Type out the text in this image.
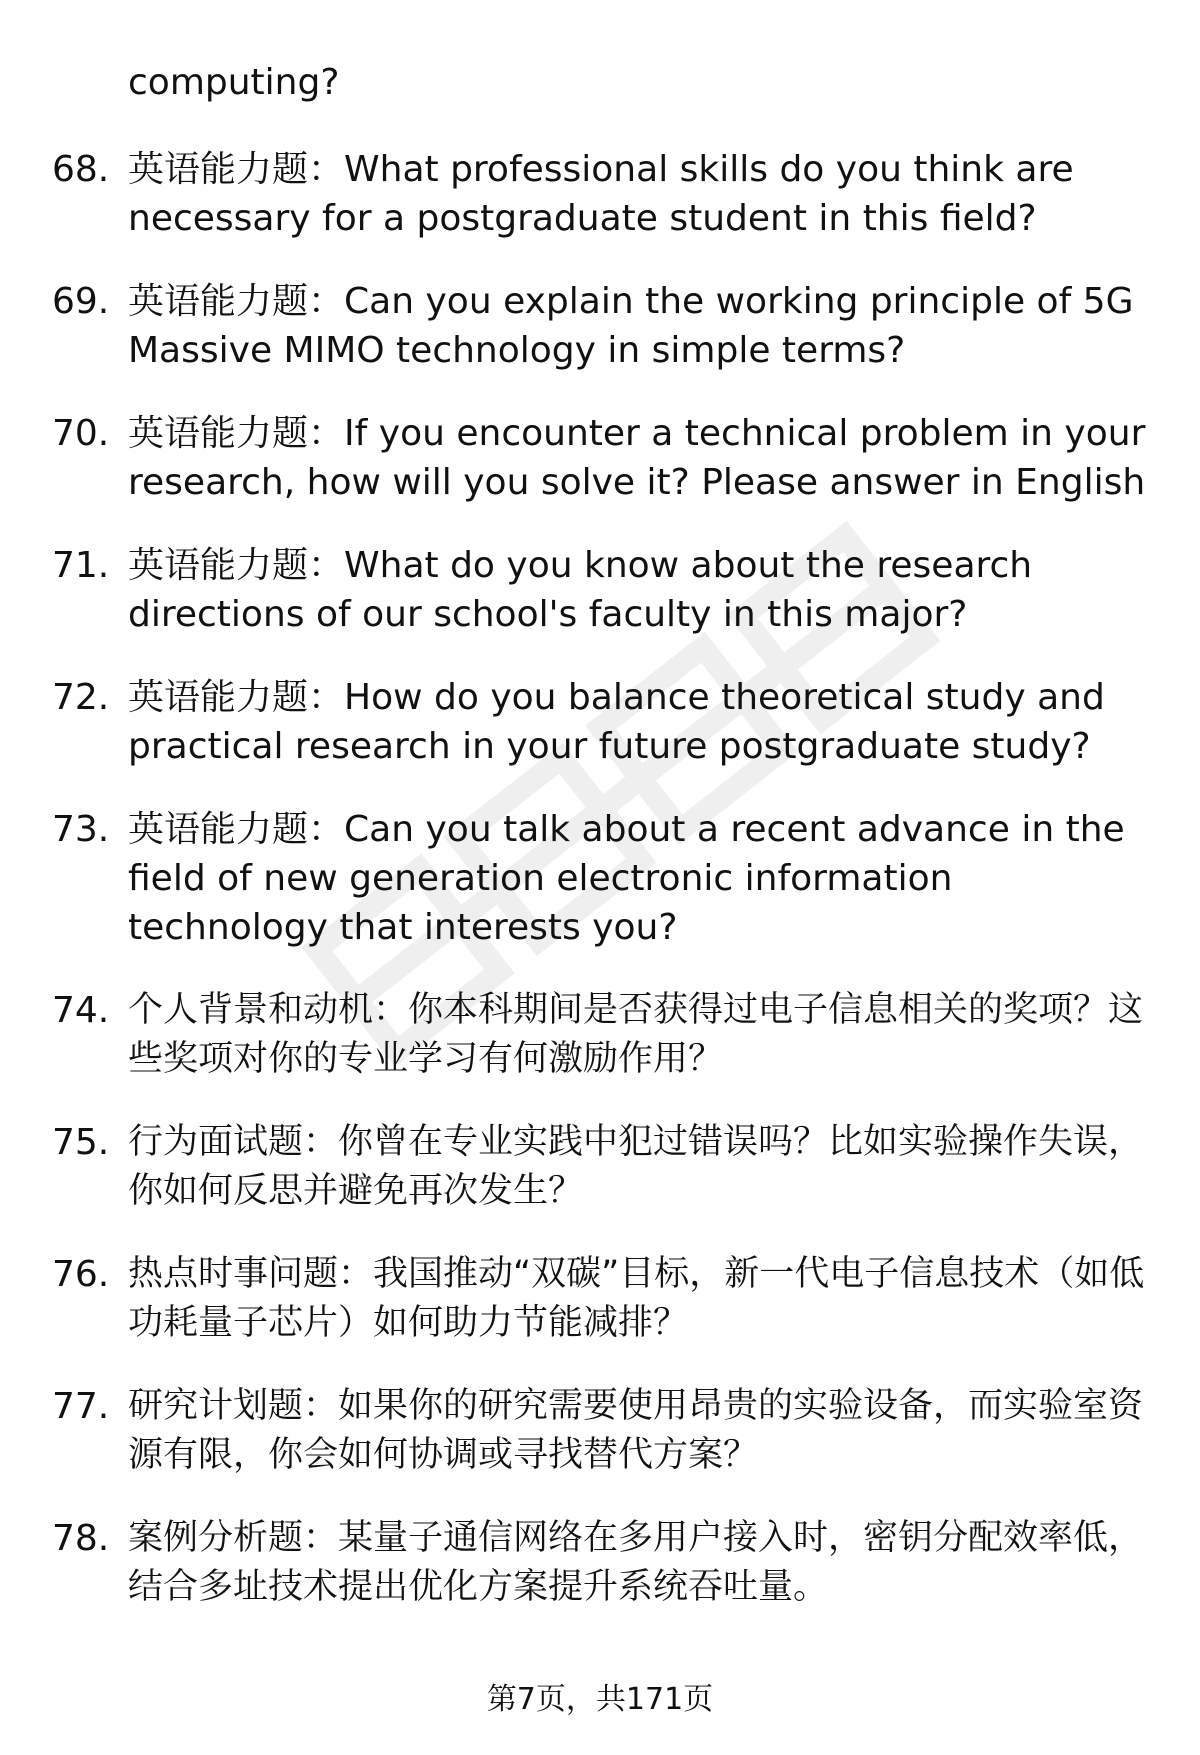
computing?

68. 英语能力题：What professional skills do you think are necessary for a postgraduate student in this field?

69. 英语能力题：Can you explain the working principle of 5G Massive MIMO technology in simple terms?

70. 英语能力题：If you encounter a technical problem in your research, how will you solve it? Please answer in English

71. 英语能力题：What do you know about the research directions of our school's faculty in this major?

72. 英语能力题：How do you balance theoretical study and practical research in your future postgraduate study?

73. 英语能力题：Can you talk about a recent advance in the field of new generation electronic information technology that interests you?

74. 个人背景和动机：你本科期间是否获得过电子信息相关的奖项？这些奖项对你的专业学习有何激励作用？

75. 行为面试题：你曾在专业实践中犯过错误吗？比如实验操作失误，你如何反思并避免再次发生？

76. 热点时事问题：我国推动“双碳”目标，新一代电子信息技术（如低功耗量子芯片）如何助力节能减排？

77. 研究计划题：如果你的研究需要使用昂贵的实验设备，而实验室资源有限，你会如何协调或寻找替代方案？

78. 案例分析题：某量子通信网络在多用户接入时，密钥分配效率低，结合多址技术提出优化方案提升系统吞吐量。

第7页，共171页
